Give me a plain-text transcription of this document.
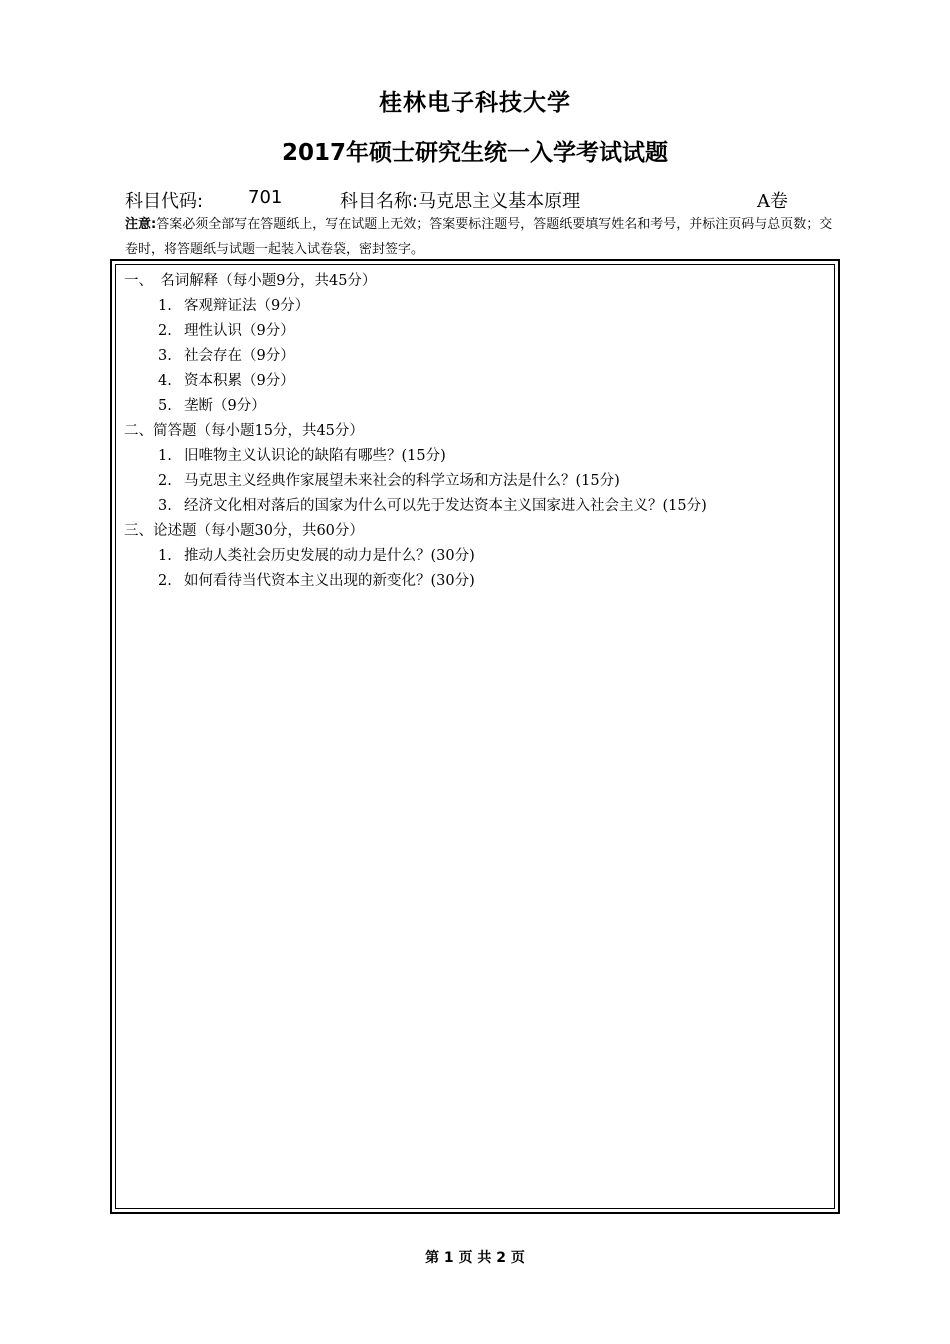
桂林电子科技大学
2017年硕士研究生统一入学考试试题
科目代码: 701	科目名称:马克思主义基本原理	A卷
注意:答案必须全部写在答题纸上，写在试题上无效；答案要标注题号，答题纸要填写姓名和考号，并标注页码与总页数；交卷时，将答题纸与试题一起装入试卷袋，密封签字。
一、　名词解释（每小题9分，共45分）
1. 客观辩证法（9分）
2. 理性认识（9分）
3. 社会存在（9分）
4. 资本积累（9分）
5. 垄断（9分）
二、简答题（每小题15分，共45分）
1. 旧唯物主义认识论的缺陷有哪些？(15分)
2. 马克思主义经典作家展望未来社会的科学立场和方法是什么？(15分)
3. 经济文化相对落后的国家为什么可以先于发达资本主义国家进入社会主义？(15分)
三、论述题（每小题30分，共60分）
1. 推动人类社会历史发展的动力是什么？(30分)
2. 如何看待当代资本主义出现的新变化？(30分)
第 1 页 共 2 页
